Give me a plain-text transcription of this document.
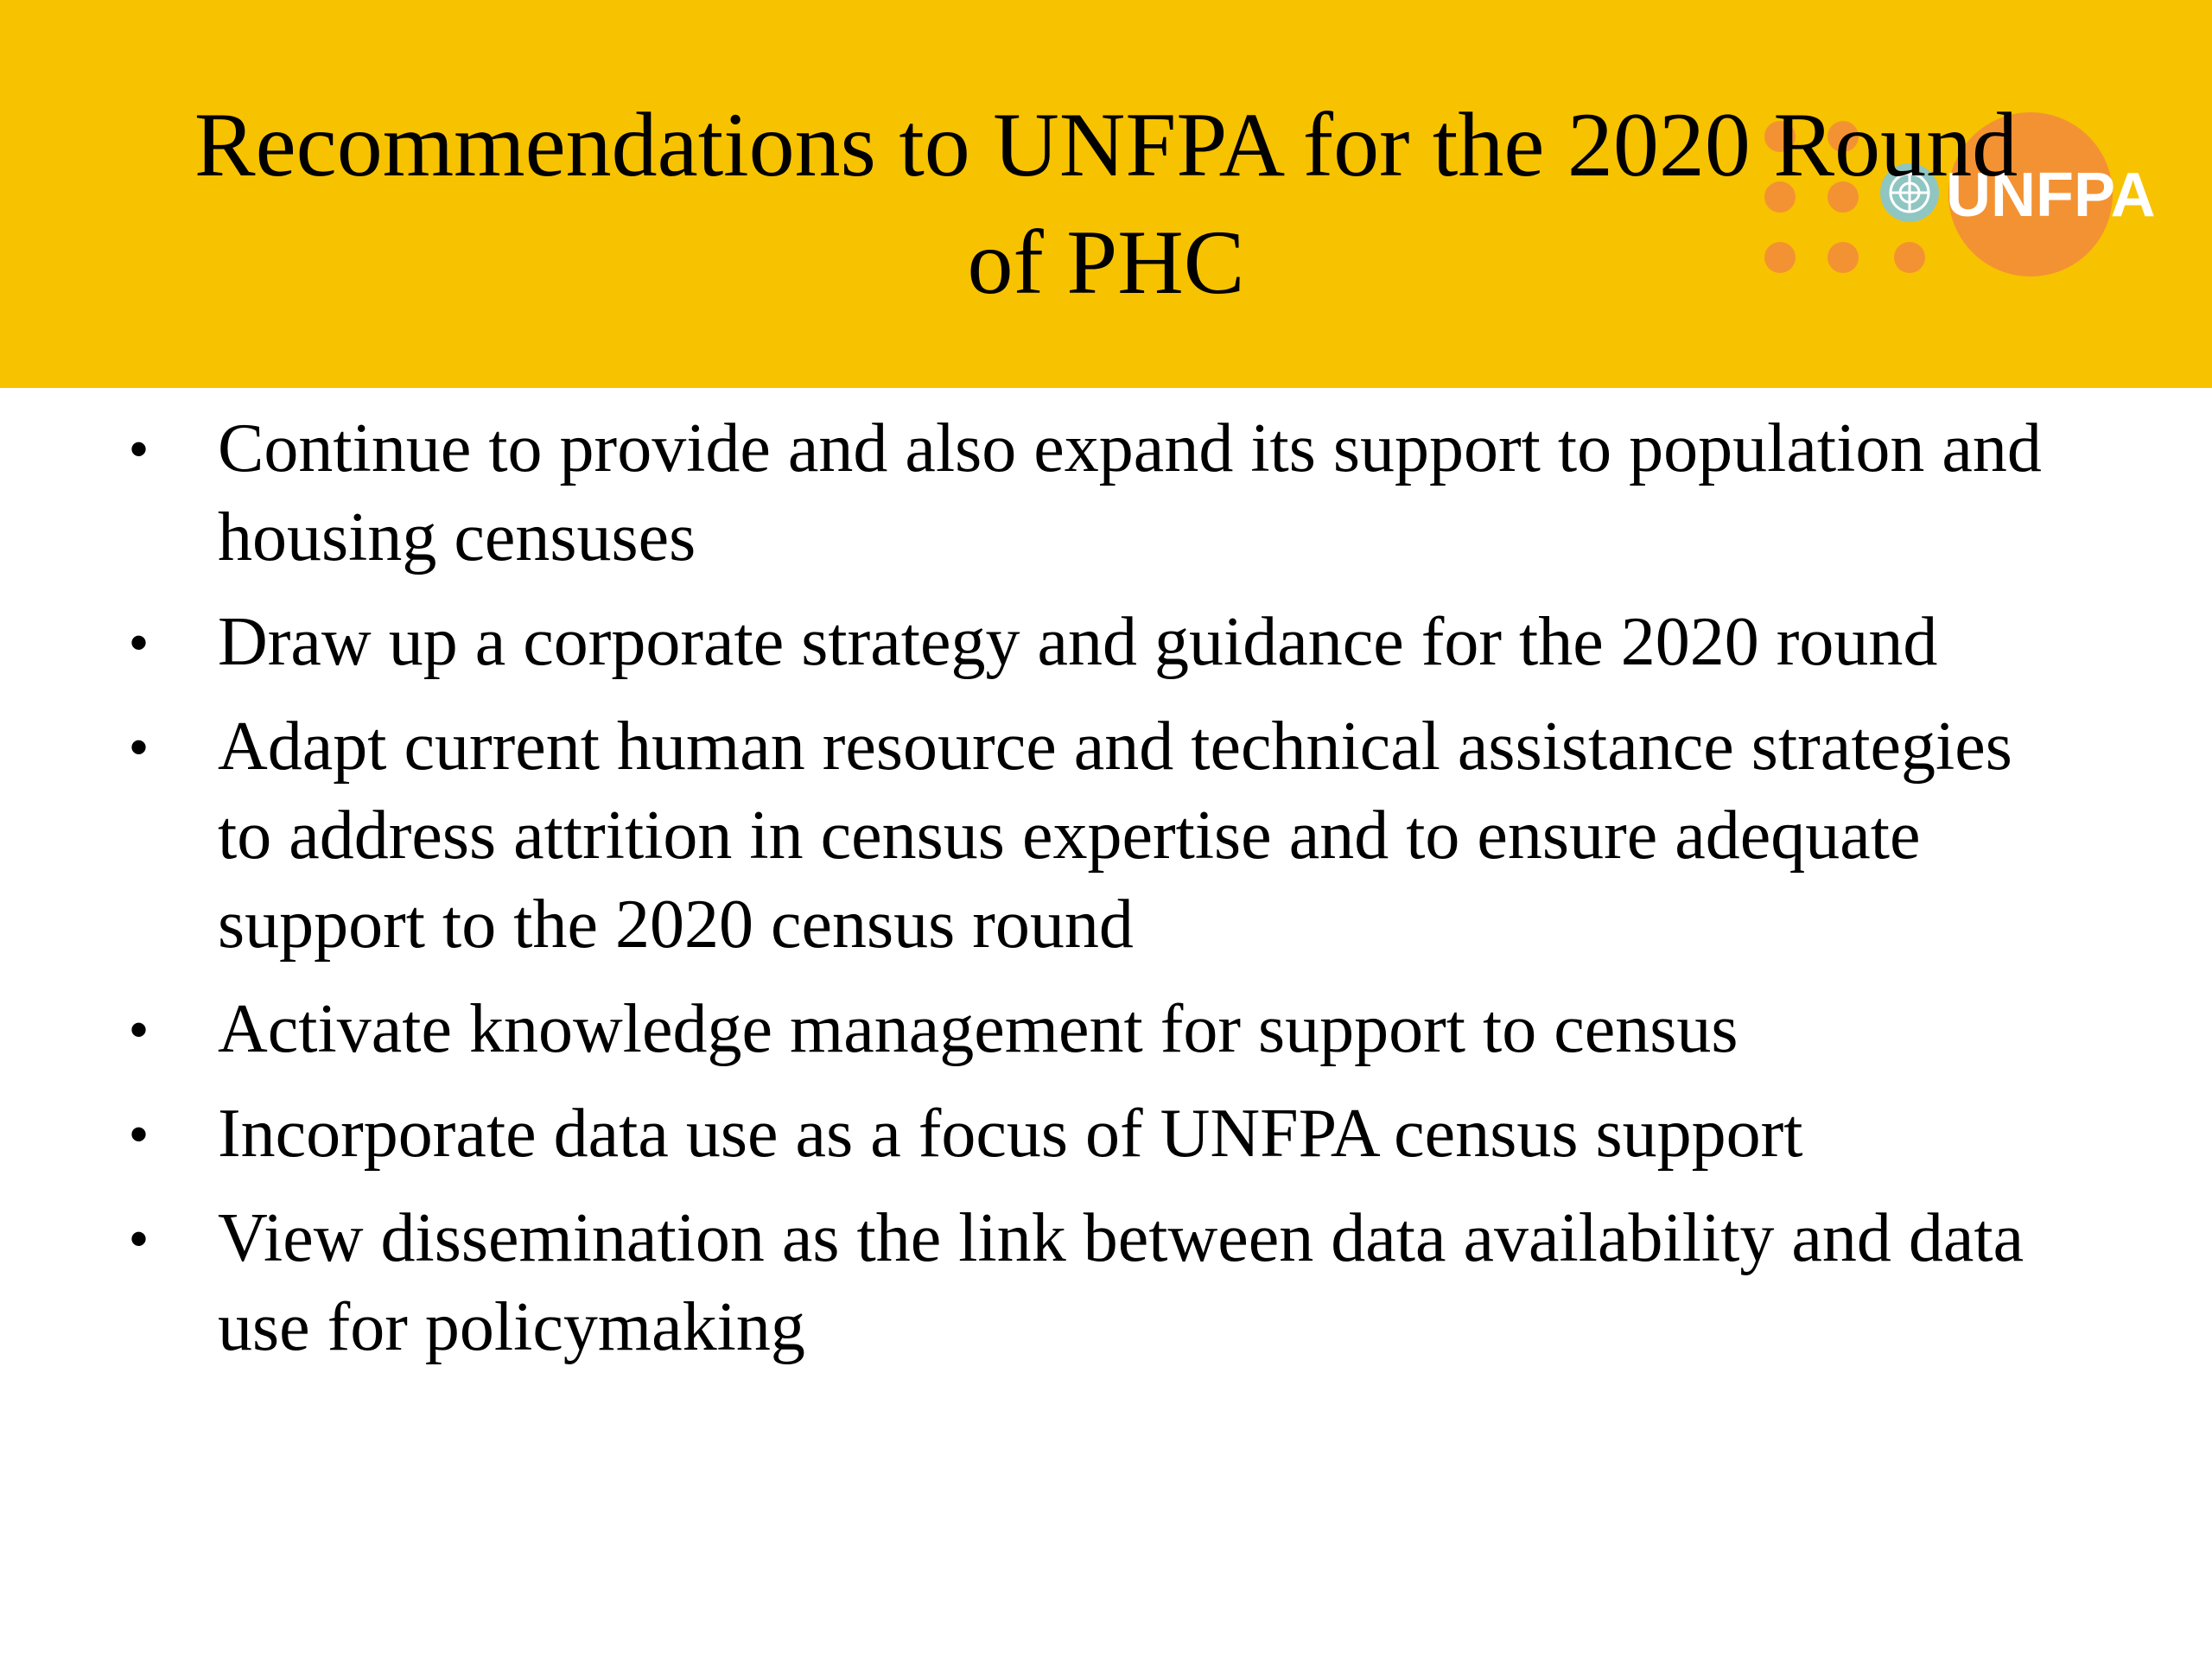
UNFPA
Recommendations to UNFPA for the 2020 Round of PHC
• Continue to provide and also expand its support to population and housing censuses
• Draw up a corporate strategy and guidance for the 2020 round
• Adapt current human resource and technical assistance strategies to address attrition in census expertise and to ensure adequate support to the 2020 census round
• Activate knowledge management for support to census
• Incorporate data use as a focus of UNFPA census support
• View dissemination as the link between data availability and data use for policymaking
